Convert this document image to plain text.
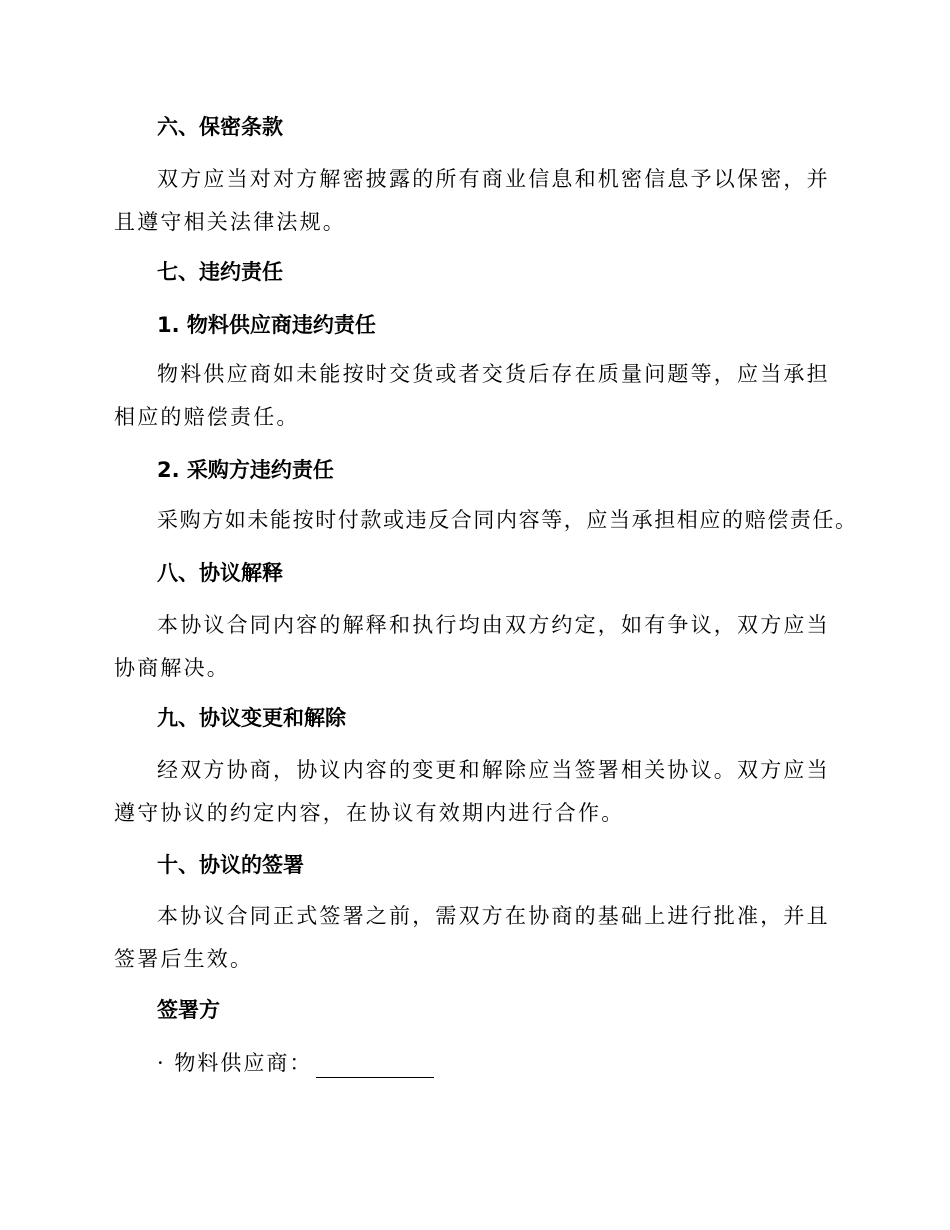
六、保密条款
双方应当对对方解密披露的所有商业信息和机密信息予以保密，并且遵守相关法律法规。
七、违约责任
1. 物料供应商违约责任
物料供应商如未能按时交货或者交货后存在质量问题等，应当承担相应的赔偿责任。
2. 采购方违约责任
采购方如未能按时付款或违反合同内容等，应当承担相应的赔偿责任。
八、协议解释
本协议合同内容的解释和执行均由双方约定，如有争议，双方应当协商解决。
九、协议变更和解除
经双方协商，协议内容的变更和解除应当签署相关协议。双方应当遵守协议的约定内容，在协议有效期内进行合作。
十、协议的签署
本协议合同正式签署之前，需双方在协商的基础上进行批准，并且签署后生效。
签署方
· 物料供应商：
